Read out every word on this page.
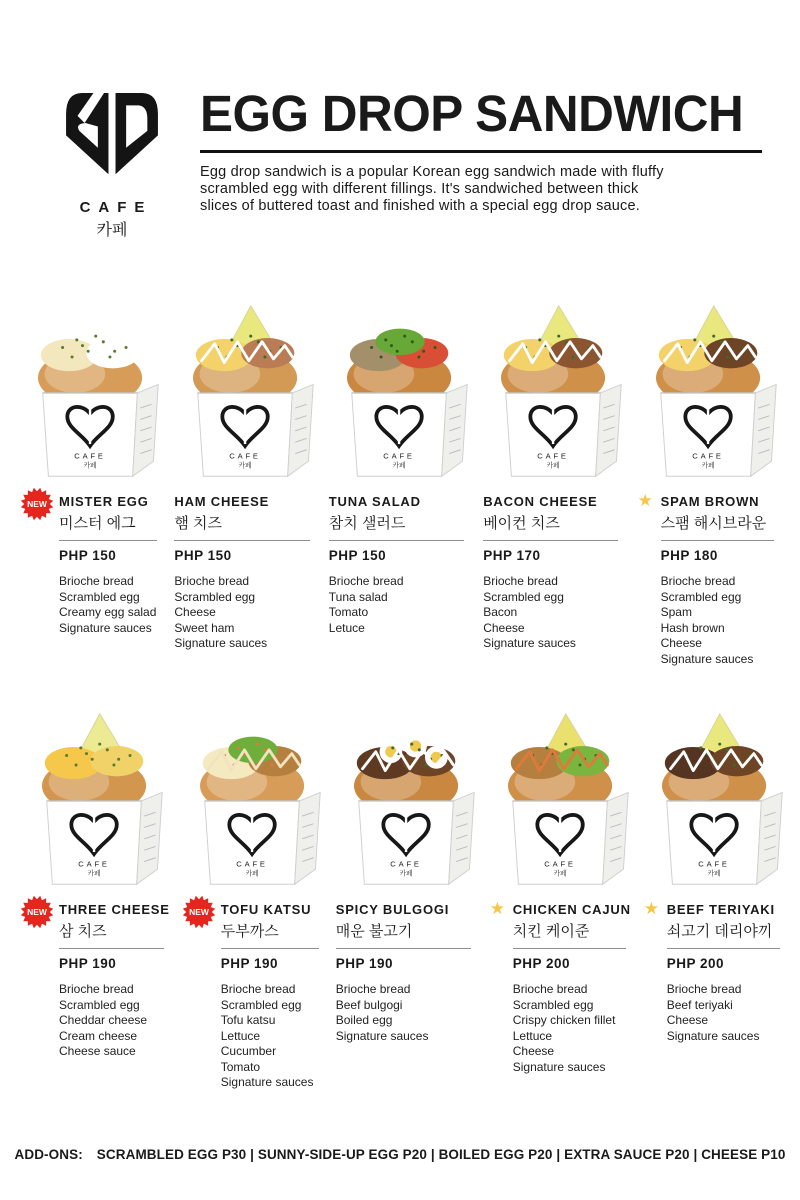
CAFE
카페
EGG DROP SANDWICH
Egg drop sandwich is a popular Korean egg sandwich made with fluffy
scrambled egg with different fillings. It's sandwiched between thick
slices of buttered toast and finished with a special egg drop sauce.
CAFE
카페
NEW MISTER EGG
미스터 에그
PHP 150
Brioche bread
Scrambled egg
Creamy egg salad
Signature sauces
CAFE
카페
HAM CHEESE
햄 치즈
PHP 150
Brioche bread
Scrambled egg
Cheese
Sweet ham
Signature sauces
CAFE
카페
TUNA SALAD
참치 샐러드
PHP 150
Brioche bread
Tuna salad
Tomato
Letuce
CAFE
카페
BACON CHEESE
베이컨 치즈
PHP 170
Brioche bread
Scrambled egg
Bacon
Cheese
Signature sauces
CAFE
카페
★ SPAM BROWN
스팸 해시브라운
PHP 180
Brioche bread
Scrambled egg
Spam
Hash brown
Cheese
Signature sauces
CAFE
카페
NEW THREE CHEESE
삼 치즈
PHP 190
Brioche bread
Scrambled egg
Cheddar cheese
Cream cheese
Cheese sauce
CAFE
카페
NEW TOFU KATSU
두부까스
PHP 190
Brioche bread
Scrambled egg
Tofu katsu
Lettuce
Cucumber
Tomato
Signature sauces
CAFE
카페
SPICY BULGOGI
매운 불고기
PHP 190
Brioche bread
Beef bulgogi
Boiled egg
Signature sauces
CAFE
카페
★ CHICKEN CAJUN
치킨 케이준
PHP 200
Brioche bread
Scrambled egg
Crispy chicken fillet
Lettuce
Cheese
Signature sauces
CAFE
카페
★ BEEF TERIYAKI
쇠고기 데리야끼
PHP 200
Brioche bread
Beef teriyaki
Cheese
Signature sauces
ADD-ONS: SCRAMBLED EGG P30 | SUNNY-SIDE-UP EGG P20 | BOILED EGG P20 | EXTRA SAUCE P20 | CHEESE P10
